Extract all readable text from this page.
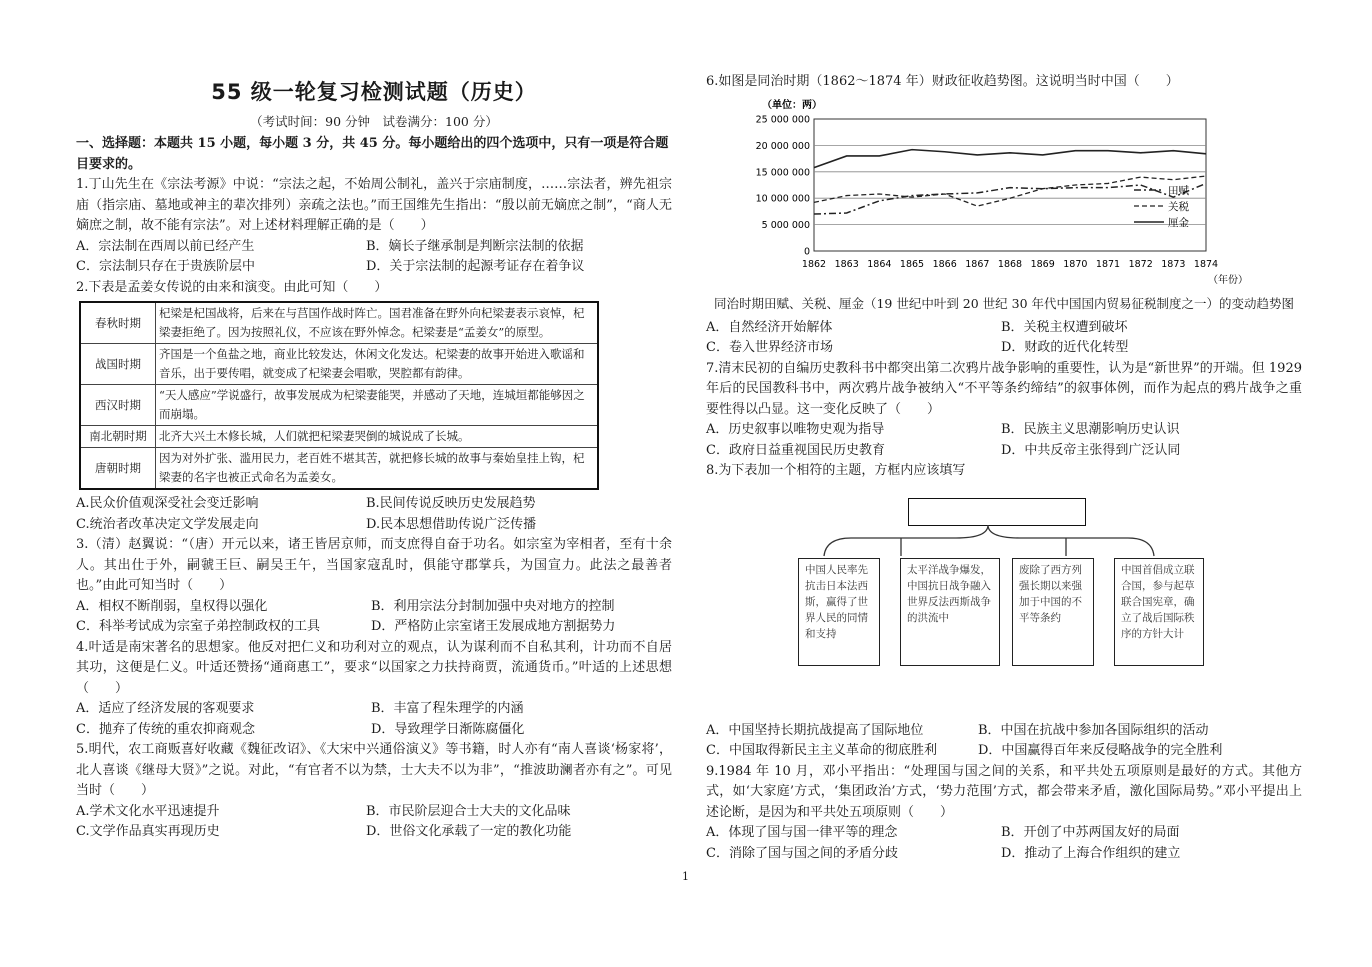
55 级一轮复习检测试题（历史）
（考试时间：90 分钟　试卷满分：100 分）
一、选择题：本题共 15 小题，每小题 3 分，共 45 分。每小题给出的四个选项中，只有一项是符合题目要求的。

1.丁山先生在《宗法考源》中说：“宗法之起，不始周公制礼，盖兴于宗庙制度，……宗法者，辨先祖宗庙（指宗庙、墓地或神主的辈次排列）亲疏之法也。”而王国维先生指出：“殷以前无嫡庶之制”，“商人无嫡庶之制，故不能有宗法”。对上述材料理解正确的是（　　）

A．宗法制在西周以前已经产生	B．嫡长子继承制是判断宗法制的依据
C．宗法制只存在于贵族阶层中	D．关于宗法制的起源考证存在着争议

2.下表是孟姜女传说的由来和演变。由此可知（　　）

春秋时期	杞梁是杞国战将，后来在与莒国作战时阵亡。国君准备在野外向杞梁妻表示哀悼，杞梁妻拒绝了。因为按照礼仪，不应该在野外悼念。杞梁妻是“孟姜女”的原型。
战国时期	齐国是一个鱼盐之地，商业比较发达，休闲文化发达。杞梁妻的故事开始进入歌谣和音乐，出于要传唱，就变成了杞梁妻会唱歌，哭腔都有韵律。
西汉时期	“天人感应”学说盛行，故事发展成为杞梁妻能哭，并感动了天地，连城垣都能够因之而崩塌。
南北朝时期	北齐大兴土木修长城，人们就把杞梁妻哭倒的城说成了长城。
唐朝时期	因为对外扩张、滥用民力，老百姓不堪其苦，就把修长城的故事与秦始皇挂上钩，杞梁妻的名字也被正式命名为孟姜女。
A.民众价值观深受社会变迁影响	B.民间传说反映历史发展趋势
C.统治者改革决定文学发展走向	D.民本思想借助传说广泛传播

3.（清）赵翼说：“（唐）开元以来，诸王皆居京师，而支庶得自奋于功名。如宗室为宰相者，至有十余人。其出仕于外，嗣虢王巨、嗣吴王午，当国家寇乱时，俱能守郡掌兵，为国宣力。此法之最善者也。”由此可知当时（　　）

A．相权不断削弱，皇权得以强化	B．利用宗法分封制加强中央对地方的控制
C．科举考试成为宗室子弟控制政权的工具	D．严格防止宗室诸王发展成地方割据势力

4.叶适是南宋著名的思想家。他反对把仁义和功利对立的观点，认为谋利而不自私其利，计功而不自居其功，这便是仁义。叶适还赞扬“通商惠工”，要求“以国家之力扶持商贾，流通货币。”叶适的上述思想（　　）

A．适应了经济发展的客观要求	B．丰富了程朱理学的内涵
C．抛弃了传统的重农抑商观念	D．导致理学日渐陈腐僵化

5.明代，农工商贩喜好收藏《魏征改诏》、《大宋中兴通俗演义》等书籍，时人亦有“南人喜谈‘杨家将’，北人喜谈《继母大贤》”之说。对此，“有官者不以为禁，士大夫不以为非”，“推波助澜者亦有之”。可见当时（　　）

A.学术文化水平迅速提升	B．市民阶层迎合士大夫的文化品味
C.文学作品真实再现历史	D．世俗文化承载了一定的教化功能

6.如图是同治时期（1862～1874 年）财政征收趋势图。这说明当时中国（　　）

（单位：两）
（年份）
25 000 000
20 000 000
15 000 000
10 000 000
5 000 000
0
1862 1863 1864 1865 1866 1867 1868 1869 1870 1871 1872 1873 1874
田赋
关税
厘金
同治时期田赋、关税、厘金（19 世纪中叶到 20 世纪 30 年代中国国内贸易征税制度之一）的变动趋势图
A．自然经济开始解体	B．关税主权遭到破坏
C．卷入世界经济市场	D．财政的近代化转型

7.清末民初的自编历史教科书中都突出第二次鸦片战争影响的重要性，认为是“新世界”的开端。但 1929 年后的民国教科书中，两次鸦片战争被纳入“不平等条约缔结”的叙事体例，而作为起点的鸦片战争之重要性得以凸显。这一变化反映了（　　）

A．历史叙事以唯物史观为指导	B．民族主义思潮影响历史认识
C．政府日益重视国民历史教育	D．中共反帝主张得到广泛认同

8.为下表加一个相符的主题，方框内应该填写

中国人民率先抗击日本法西斯，赢得了世界人民的同情和支持
太平洋战争爆发，中国抗日战争融入世界反法西斯战争的洪流中
废除了西方列强长期以来强加于中国的不平等条约
中国首倡成立联合国，参与起草联合国宪章，确立了战后国际秩序的方针大计
A．中国坚持长期抗战提高了国际地位	B．中国在抗战中参加各国际组织的活动
C．中国取得新民主主义革命的彻底胜利	D．中国赢得百年来反侵略战争的完全胜利

9.1984 年 10 月，邓小平指出：“处理国与国之间的关系，和平共处五项原则是最好的方式。其他方式，如‘大家庭’方式，‘集团政治’方式，‘势力范围’方式，都会带来矛盾，激化国际局势。”邓小平提出上述论断，是因为和平共处五项原则（　　）

A．体现了国与国一律平等的理念	B．开创了中苏两国友好的局面
C．消除了国与国之间的矛盾分歧	D．推动了上海合作组织的建立
1
